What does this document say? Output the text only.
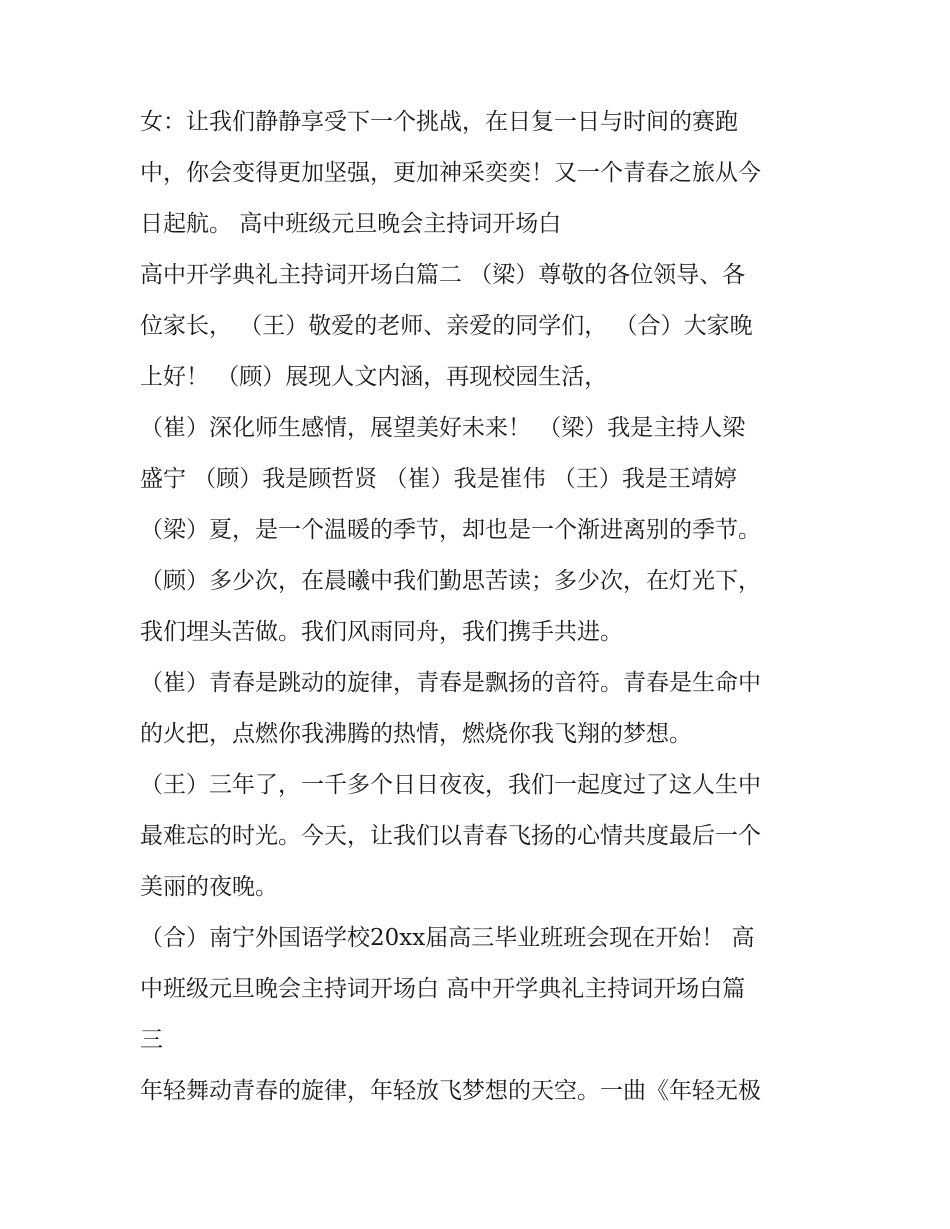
女：让我们静静享受下一个挑战，在日复一日与时间的赛跑
中，你会变得更加坚强，更加神采奕奕！又一个青春之旅从今
日起航。 高中班级元旦晚会主持词开场白
高中开学典礼主持词开场白篇二 （梁）尊敬的各位领导、各
位家长， （王）敬爱的老师、亲爱的同学们， （合）大家晚
上好！ （顾）展现人文内涵，再现校园生活，
（崔）深化师生感情，展望美好未来！ （梁）我是主持人梁
盛宁 （顾）我是顾哲贤 （崔）我是崔伟 （王）我是王靖婷
（梁）夏，是一个温暖的季节，却也是一个渐进离别的季节。
（顾）多少次，在晨曦中我们勤思苦读；多少次，在灯光下，
我们埋头苦做。我们风雨同舟，我们携手共进。
（崔）青春是跳动的旋律，青春是飘扬的音符。青春是生命中
的火把，点燃你我沸腾的热情，燃烧你我飞翔的梦想。
（王）三年了，一千多个日日夜夜，我们一起度过了这人生中
最难忘的时光。今天，让我们以青春飞扬的心情共度最后一个
美丽的夜晚。
（合）南宁外国语学校20xx届高三毕业班班会现在开始！ 高
中班级元旦晚会主持词开场白 高中开学典礼主持词开场白篇
三
年轻舞动青春的旋律，年轻放飞梦想的天空。一曲《年轻无极
